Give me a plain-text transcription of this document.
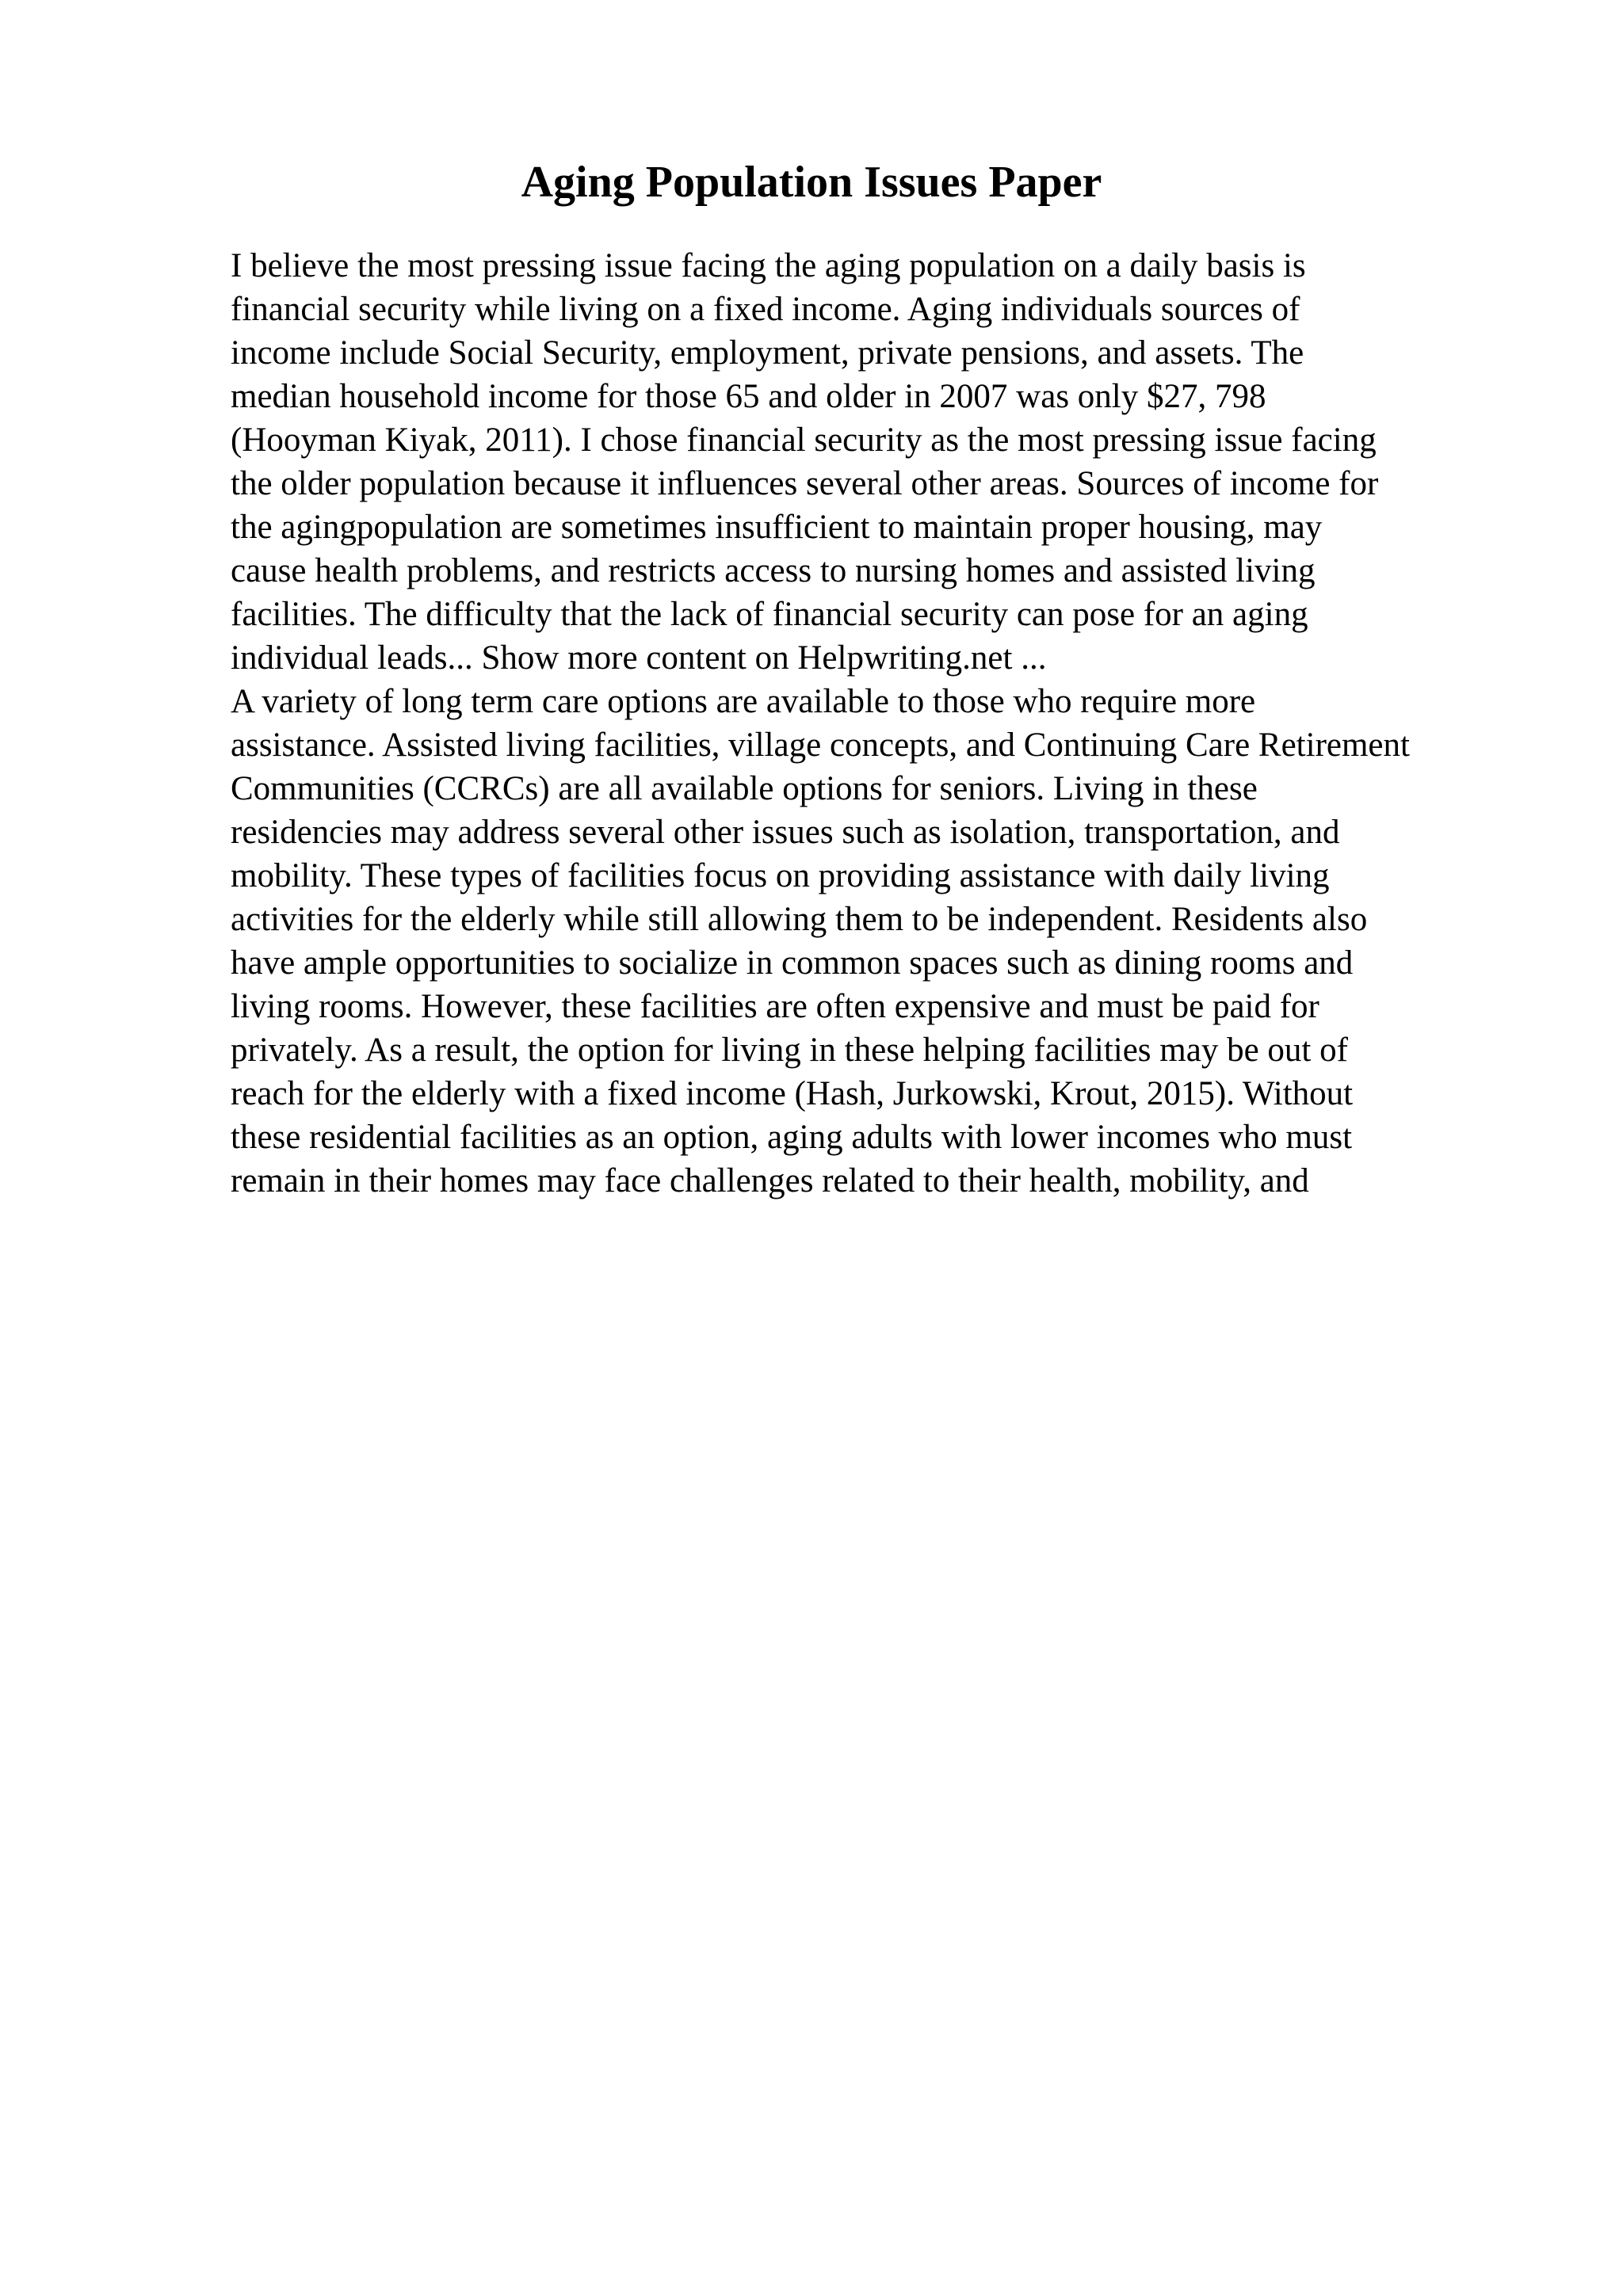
Aging Population Issues Paper
I believe the most pressing issue facing the aging population on a daily basis is
financial security while living on a fixed income. Aging individuals sources of
income include Social Security, employment, private pensions, and assets. The
median household income for those 65 and older in 2007 was only $27, 798
(Hooyman Kiyak, 2011). I chose financial security as the most pressing issue facing
the older population because it influences several other areas. Sources of income for
the agingpopulation are sometimes insufficient to maintain proper housing, may
cause health problems, and restricts access to nursing homes and assisted living
facilities. The difficulty that the lack of financial security can pose for an aging
individual leads... Show more content on Helpwriting.net ...
A variety of long term care options are available to those who require more
assistance. Assisted living facilities, village concepts, and Continuing Care Retirement
Communities (CCRCs) are all available options for seniors. Living in these
residencies may address several other issues such as isolation, transportation, and
mobility. These types of facilities focus on providing assistance with daily living
activities for the elderly while still allowing them to be independent. Residents also
have ample opportunities to socialize in common spaces such as dining rooms and
living rooms. However, these facilities are often expensive and must be paid for
privately. As a result, the option for living in these helping facilities may be out of
reach for the elderly with a fixed income (Hash, Jurkowski, Krout, 2015). Without
these residential facilities as an option, aging adults with lower incomes who must
remain in their homes may face challenges related to their health, mobility, and
